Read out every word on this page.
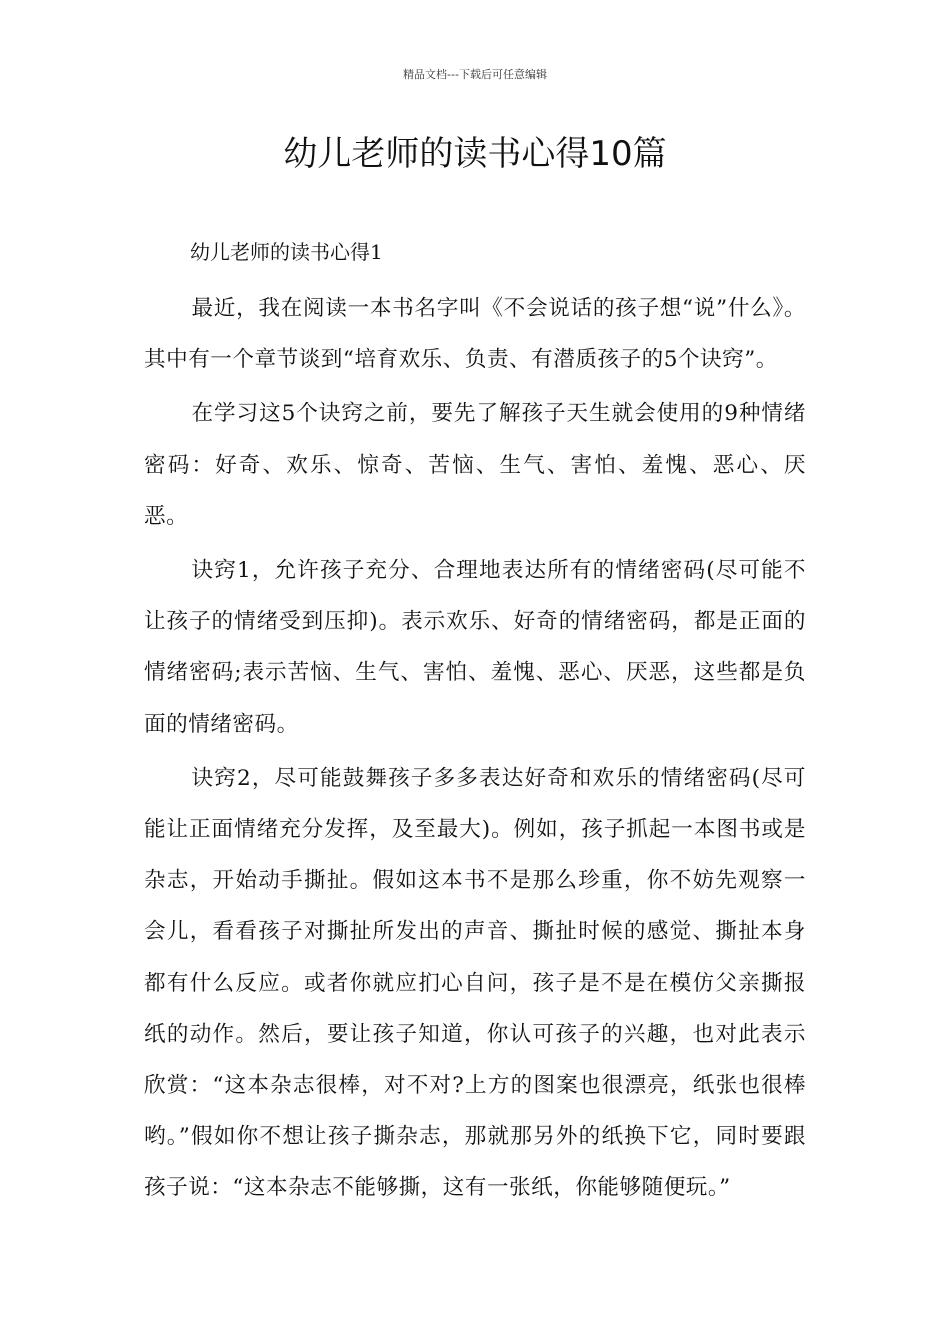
精品文档---下载后可任意编辑
幼儿老师的读书心得10篇
幼儿老师的读书心得1

最近，我在阅读一本书名字叫《不会说话的孩子想“说”什么》。其中有一个章节谈到“培育欢乐、负责、有潜质孩子的5个诀窍”。

在学习这5个诀窍之前，要先了解孩子天生就会使用的9种情绪密码：好奇、欢乐、惊奇、苦恼、生气、害怕、羞愧、恶心、厌恶。

诀窍1，允许孩子充分、合理地表达所有的情绪密码(尽可能不让孩子的情绪受到压抑)。表示欢乐、好奇的情绪密码，都是正面的情绪密码;表示苦恼、生气、害怕、羞愧、恶心、厌恶，这些都是负面的情绪密码。

诀窍2，尽可能鼓舞孩子多多表达好奇和欢乐的情绪密码(尽可能让正面情绪充分发挥，及至最大)。例如，孩子抓起一本图书或是杂志，开始动手撕扯。假如这本书不是那么珍重，你不妨先观察一会儿，看看孩子对撕扯所发出的声音、撕扯时候的感觉、撕扯本身都有什么反应。或者你就应扪心自问，孩子是不是在模仿父亲撕报纸的动作。然后，要让孩子知道，你认可孩子的兴趣，也对此表示欣赏：“这本杂志很棒，对不对?上方的图案也很漂亮，纸张也很棒哟。”假如你不想让孩子撕杂志，那就那另外的纸换下它，同时要跟孩子说：“这本杂志不能够撕，这有一张纸，你能够随便玩。”
